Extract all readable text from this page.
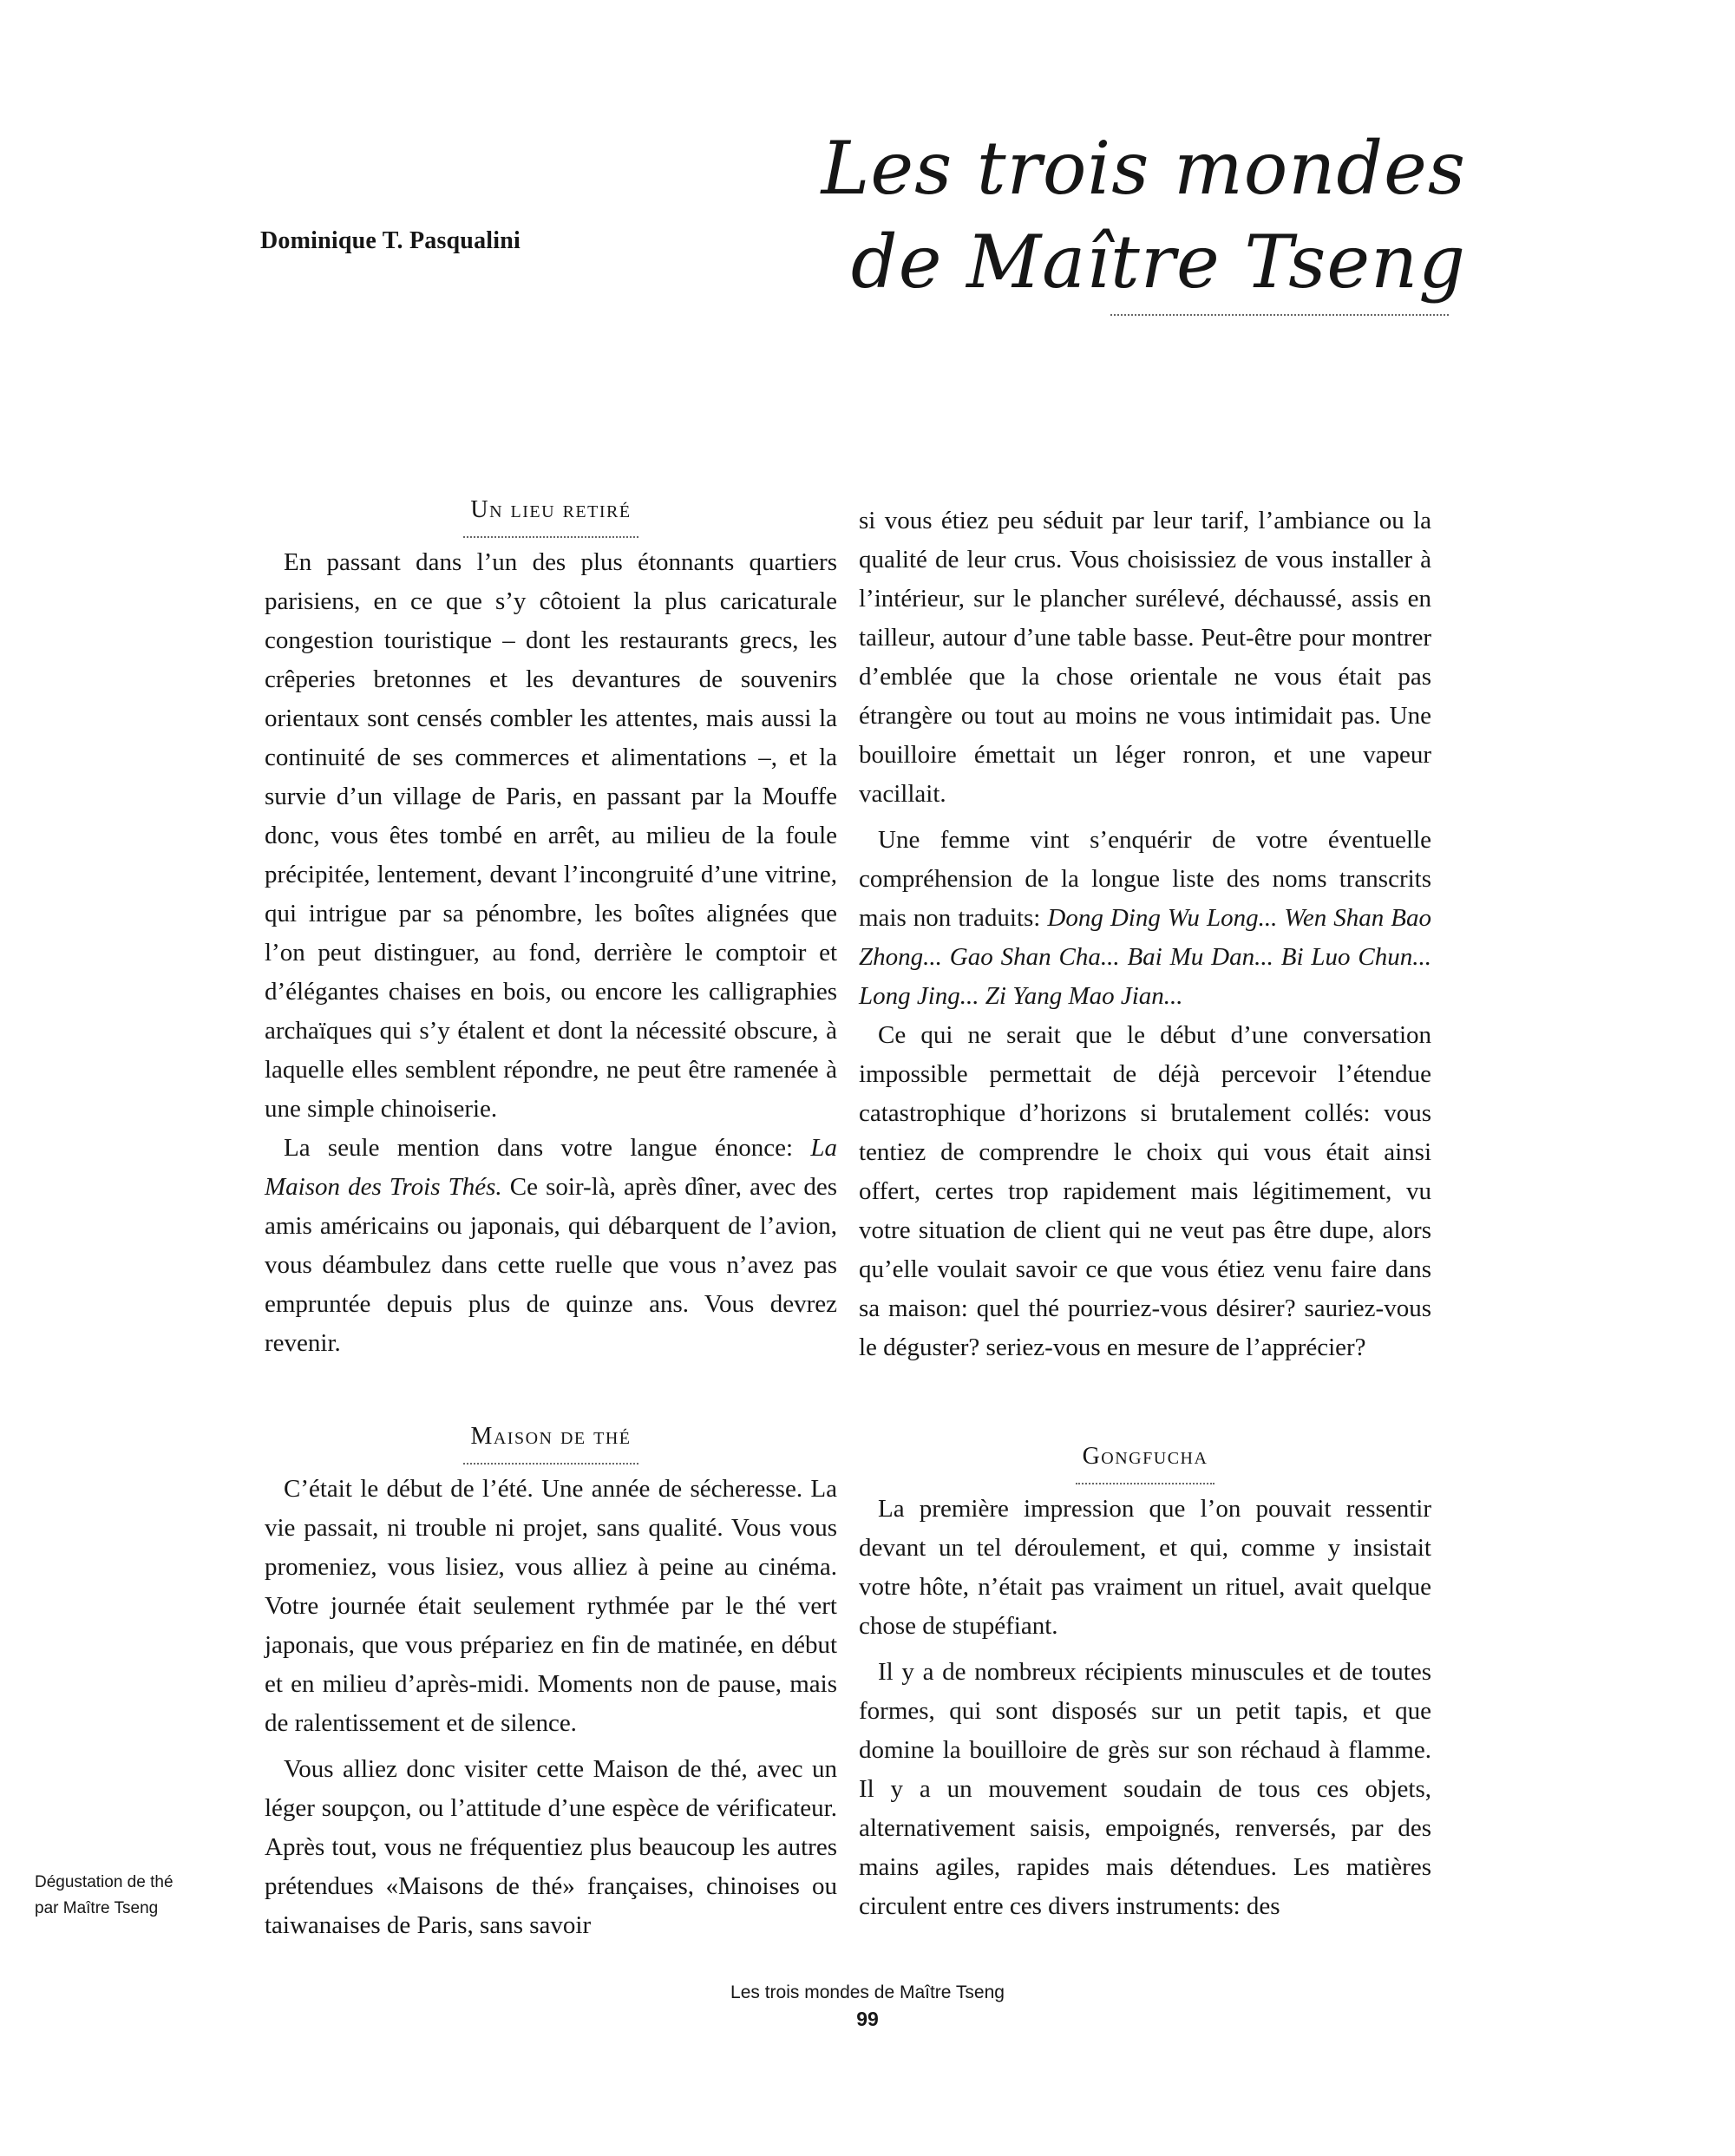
Dominique T. Pasqualini
Les trois mondes
de Maître Tseng
Un lieu retiré

En passant dans l’un des plus étonnants quartiers parisiens, en ce que s’y côtoient la plus caricaturale congestion touristique – dont les restaurants grecs, les crêperies bretonnes et les devantures de souvenirs orientaux sont censés combler les attentes, mais aussi la continuité de ses commerces et alimentations –, et la survie d’un village de Paris, en passant par la Mouffe donc, vous êtes tombé en arrêt, au milieu de la foule précipitée, lentement, devant l’incongruité d’une vitrine, qui intrigue par sa pénombre, les boîtes alignées que l’on peut distinguer, au fond, derrière le comptoir et d’élégantes chaises en bois, ou encore les calligraphies archaïques qui s’y étalent et dont la nécessité obscure, à laquelle elles semblent répondre, ne peut être ramenée à une simple chinoiserie.

La seule mention dans votre langue énonce: La Maison des Trois Thés. Ce soir-là, après dîner, avec des amis américains ou japonais, qui débarquent de l’avion, vous déambulez dans cette ruelle que vous n’avez pas empruntée depuis plus de quinze ans. Vous devrez revenir.

Maison de thé

C’était le début de l’été. Une année de sécheresse. La vie passait, ni trouble ni projet, sans qualité. Vous vous promeniez, vous lisiez, vous alliez à peine au cinéma. Votre journée était seulement rythmée par le thé vert japonais, que vous prépariez en fin de matinée, en début et en milieu d’après-midi. Moments non de pause, mais de ralentissement et de silence.

Vous alliez donc visiter cette Maison de thé, avec un léger soupçon, ou l’attitude d’une espèce de vérificateur. Après tout, vous ne fréquentiez plus beaucoup les autres prétendues «Maisons de thé» françaises, chinoises ou taiwanaises de Paris, sans savoir

si vous étiez peu séduit par leur tarif, l’ambiance ou la qualité de leur crus. Vous choisissiez de vous installer à l’intérieur, sur le plancher surélevé, déchaussé, assis en tailleur, autour d’une table basse. Peut-être pour montrer d’emblée que la chose orientale ne vous était pas étrangère ou tout au moins ne vous intimidait pas. Une bouilloire émettait un léger ronron, et une vapeur vacillait.

Une femme vint s’enquérir de votre éventuelle compréhension de la longue liste des noms transcrits mais non traduits: Dong Ding Wu Long... Wen Shan Bao Zhong... Gao Shan Cha... Bai Mu Dan... Bi Luo Chun... Long Jing... Zi Yang Mao Jian...

Ce qui ne serait que le début d’une conversation impossible permettait de déjà percevoir l’étendue catastrophique d’horizons si brutalement collés: vous tentiez de comprendre le choix qui vous était ainsi offert, certes trop rapidement mais légitimement, vu votre situation de client qui ne veut pas être dupe, alors qu’elle voulait savoir ce que vous étiez venu faire dans sa maison: quel thé pourriez-vous désirer? sauriez-vous le déguster? seriez-vous en mesure de l’apprécier?

Gongfucha

La première impression que l’on pouvait ressentir devant un tel déroulement, et qui, comme y insistait votre hôte, n’était pas vraiment un rituel, avait quelque chose de stupéfiant.

Il y a de nombreux récipients minuscules et de toutes formes, qui sont disposés sur un petit tapis, et que domine la bouilloire de grès sur son réchaud à flamme. Il y a un mouvement soudain de tous ces objets, alternativement saisis, empoignés, renversés, par des mains agiles, rapides mais détendues. Les matières circulent entre ces divers instruments: des

Dégustation de thé
par Maître Tseng
Les trois mondes de Maître Tseng
99
